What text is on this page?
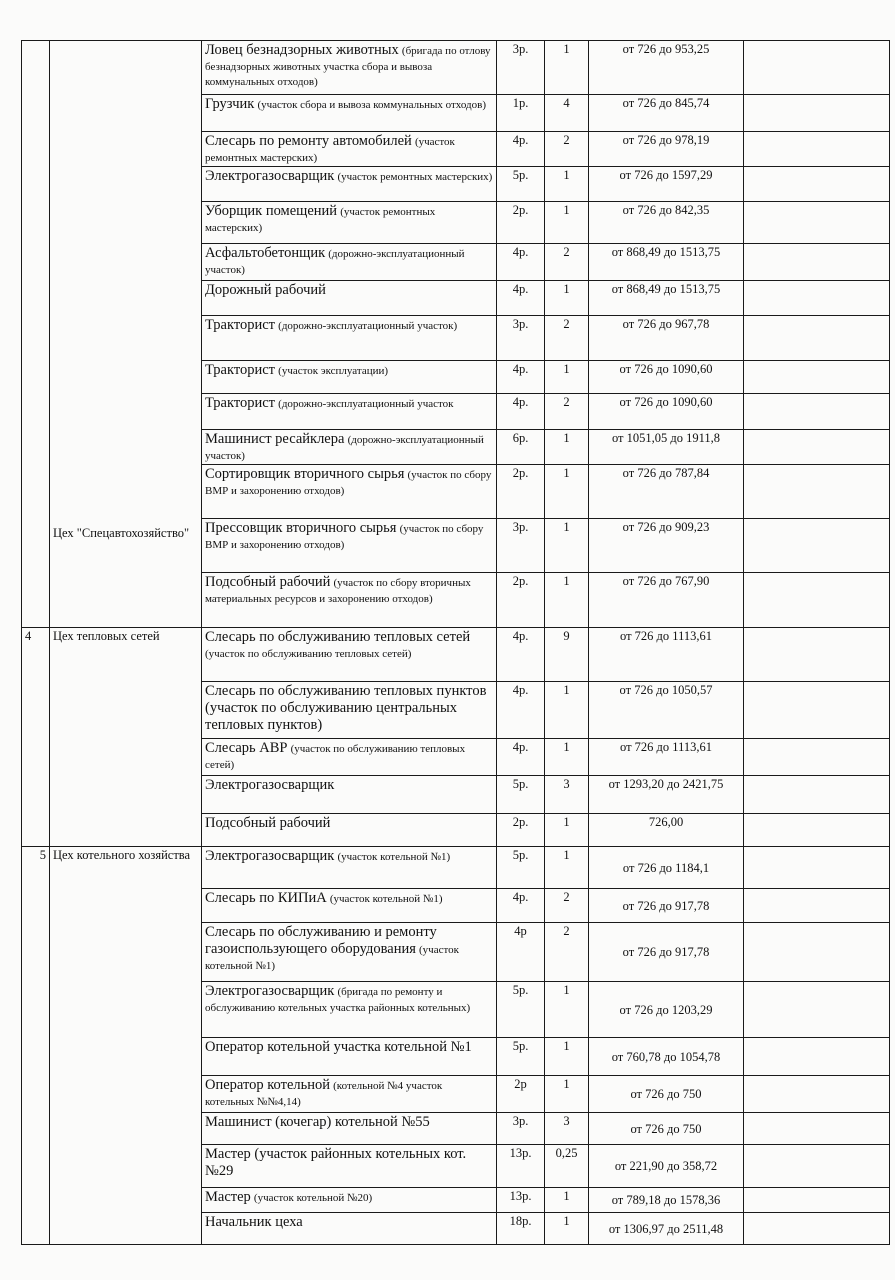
	Цех "Спецавтохозяйство"	Ловец безнадзорных животных (бригада по отлову безнадзорных животных участка сбора и вывоза коммунальных отходов)	3р.	1	от 726 до 953,25	
		Грузчик (участок сбора и вывоза коммунальных отходов)	1р.	4	от 726 до 845,74	
		Слесарь по ремонту автомобилей (участок ремонтных мастерских)	4р.	2	от 726 до 978,19	
		Электрогазосварщик (участок ремонтных мастерских)	5р.	1	от 726 до 1597,29	
		Уборщик помещений (участок ремонтных мастерских)	2р.	1	от 726 до 842,35	
		Асфальтобетонщик (дорожно-эксплуатационный участок)	4р.	2	от 868,49 до 1513,75	
		Дорожный рабочий	4р.	1	от 868,49 до 1513,75	
		Тракторист (дорожно-эксплуатационный участок)	3р.	2	от 726 до 967,78	
		Тракторист (участок эксплуатации)	4р.	1	от 726 до 1090,60	
		Тракторист (дорожно-эксплуатационный участок	4р.	2	от 726 до 1090,60	
		Машинист ресайклера (дорожно-эксплуатационный участок)	6р.	1	от 1051,05 до 1911,8	
		Сортировщик вторичного сырья (участок по сбору ВМР и захоронению отходов)	2р.	1	от 726 до 787,84	
		Прессовщик вторичного сырья (участок по сбору ВМР и захоронению отходов)	3р.	1	от 726 до 909,23	
		Подсобный рабочий (участок по сбору вторичных материальных ресурсов и захоронению отходов)	2р.	1	от 726 до 767,90	
4	Цех тепловых сетей	Слесарь по обслуживанию тепловых сетей (участок по обслуживанию тепловых сетей)	4р.	9	от 726 до 1113,61	
		Слесарь по обслуживанию тепловых пунктов (участок по обслуживанию центральных тепловых пунктов)	4р.	1	от 726 до 1050,57	
		Слесарь АВР (участок по обслуживанию тепловых сетей)	4р.	1	от 726 до 1113,61	
		Электрогазосварщик	5р.	3	от 1293,20 до 2421,75	
		Подсобный рабочий	2р.	1	726,00	
5	Цех котельного хозяйства	Электрогазосварщик (участок котельной №1)	5р.	1	от 726 до 1184,1	
		Слесарь по КИПиА (участок котельной №1)	4р.	2	от 726 до 917,78	
		Слесарь по обслуживанию и ремонту газоиспользующего оборудования (участок котельной №1)	4р	2	от 726 до 917,78	
		Электрогазосварщик (бригада по ремонту и обслуживанию котельных участка районных котельных)	5р.	1	от 726 до 1203,29	
		Оператор котельной участка котельной №1	5р.	1	от 760,78 до 1054,78	
		Оператор котельной (котельной №4 участок котельных №№4,14)	2р	1	от 726 до 750	
		Машинист (кочегар) котельной №55	3р.	3	от 726 до 750	
		Мастер (участок районных котельных кот. №29	13р.	0,25	от 221,90 до 358,72	
		Мастер (участок котельной №20)	13р.	1	от 789,18 до 1578,36	
		Начальник цеха	18р.	1	от 1306,97 до 2511,48	
